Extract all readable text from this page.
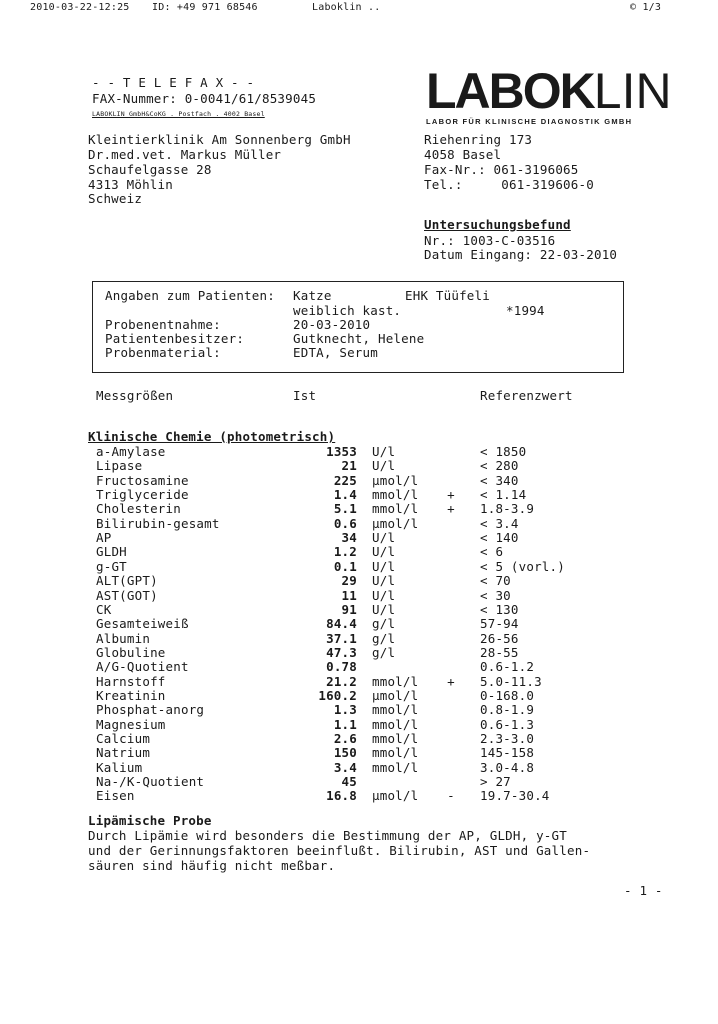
2010-03-22-12:25 ID: +49 971 68546	Laboklin ..	© 1/3
- - T E L E F A X - -
FAX-Nummer: 0-0041/61/8539045
LABOKLIN GmbH&CoKG . Postfach . 4002 Basel	LABOKLIN
LABOR FÜR KLINISCHE DIAGNOSTIK GMBH
Kleintierklinik Am Sonnenberg GmbH
Dr.med.vet. Markus Müller
Schaufelgasse 28
4313 Möhlin
Schweiz
Riehenring 173
4058 Basel
Fax-Nr.: 061-3196065
Tel.:     061-319606-0
Untersuchungsbefund
Nr.: 1003-C-03516
Datum Eingang: 22-03-2010
Angaben zum Patienten: Katze	EHK Tüüfeli
weiblich kast.	*1994
Probenentnahme:	20-03-2010
Patientenbesitzer:	Gutknecht, Helene
Probenmaterial:	EDTA, Serum
Messgrößen	Ist	Referenzwert
Klinische Chemie (photometrisch)
a-Amylase	1353 U/l	< 1850
Lipase	21 U/l	< 280
Fructosamine	225 µmol/l	< 340
Triglyceride	1.4 mmol/l + < 1.14
Cholesterin	5.1 mmol/l + 1.8-3.9
Bilirubin-gesamt	0.6 µmol/l	< 3.4
AP	34 U/l	< 140
GLDH	1.2 U/l	< 6
g-GT	0.1 U/l	< 5 (vorl.)
ALT(GPT)	29 U/l	< 70
AST(GOT)	11 U/l	< 30
CK	91 U/l	< 130
Gesamteiweiß	84.4 g/l	57-94
Albumin	37.1 g/l	26-56
Globuline	47.3 g/l	28-55
A/G-Quotient	0.78	0.6-1.2
Harnstoff	21.2 mmol/l + 5.0-11.3
Kreatinin	160.2 µmol/l	0-168.0
Phosphat-anorg	1.3 mmol/l	0.8-1.9
Magnesium	1.1 mmol/l	0.6-1.3
Calcium	2.6 mmol/l	2.3-3.0
Natrium	150 mmol/l	145-158
Kalium	3.4 mmol/l	3.0-4.8
Na-/K-Quotient	45	> 27
Eisen	16.8 µmol/l - 19.7-30.4
Lipämische Probe
Durch Lipämie wird besonders die Bestimmung der AP, GLDH, y-GT
und der Gerinnungsfaktoren beeinflußt. Bilirubin, AST und Gallen-
säuren sind häufig nicht meßbar.
- 1 -
